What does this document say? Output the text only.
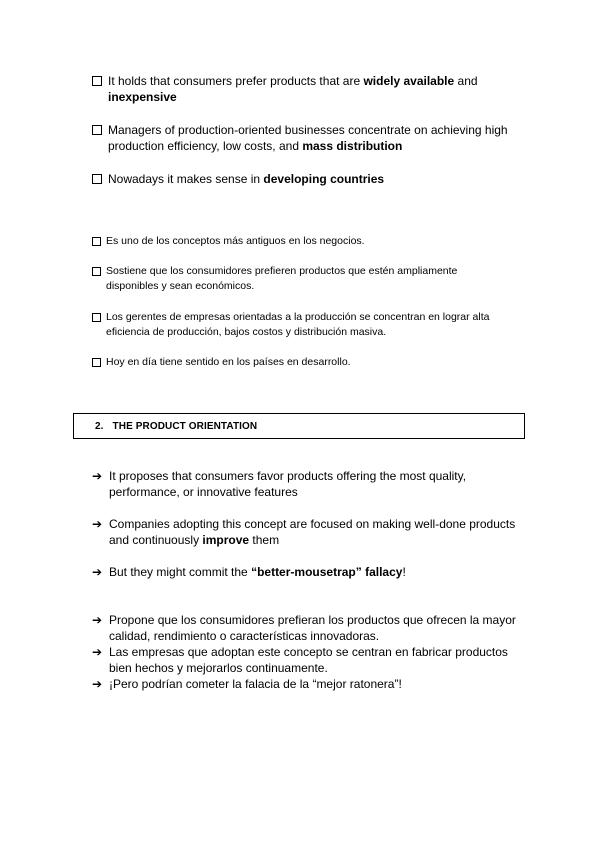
It holds that consumers prefer products that are widely available and inexpensive
Managers of production-oriented businesses concentrate on achieving high production efficiency, low costs, and mass distribution
Nowadays it makes sense in developing countries
Es uno de los conceptos más antiguos en los negocios.
Sostiene que los consumidores prefieren productos que estén ampliamente disponibles y sean económicos.
Los gerentes de empresas orientadas a la producción se concentran en lograr alta eficiencia de producción, bajos costos y distribución masiva.
Hoy en día tiene sentido en los países en desarrollo.
2. THE PRODUCT ORIENTATION
➔ It proposes that consumers favor products offering the most quality, performance, or innovative features
➔ Companies adopting this concept are focused on making well-done products and continuously improve them
➔ But they might commit the “better-mousetrap” fallacy!
➔ Propone que los consumidores prefieran los productos que ofrecen la mayor calidad, rendimiento o características innovadoras.
➔ Las empresas que adoptan este concepto se centran en fabricar productos bien hechos y mejorarlos continuamente.
➔ ¡Pero podrían cometer la falacia de la “mejor ratonera”!
